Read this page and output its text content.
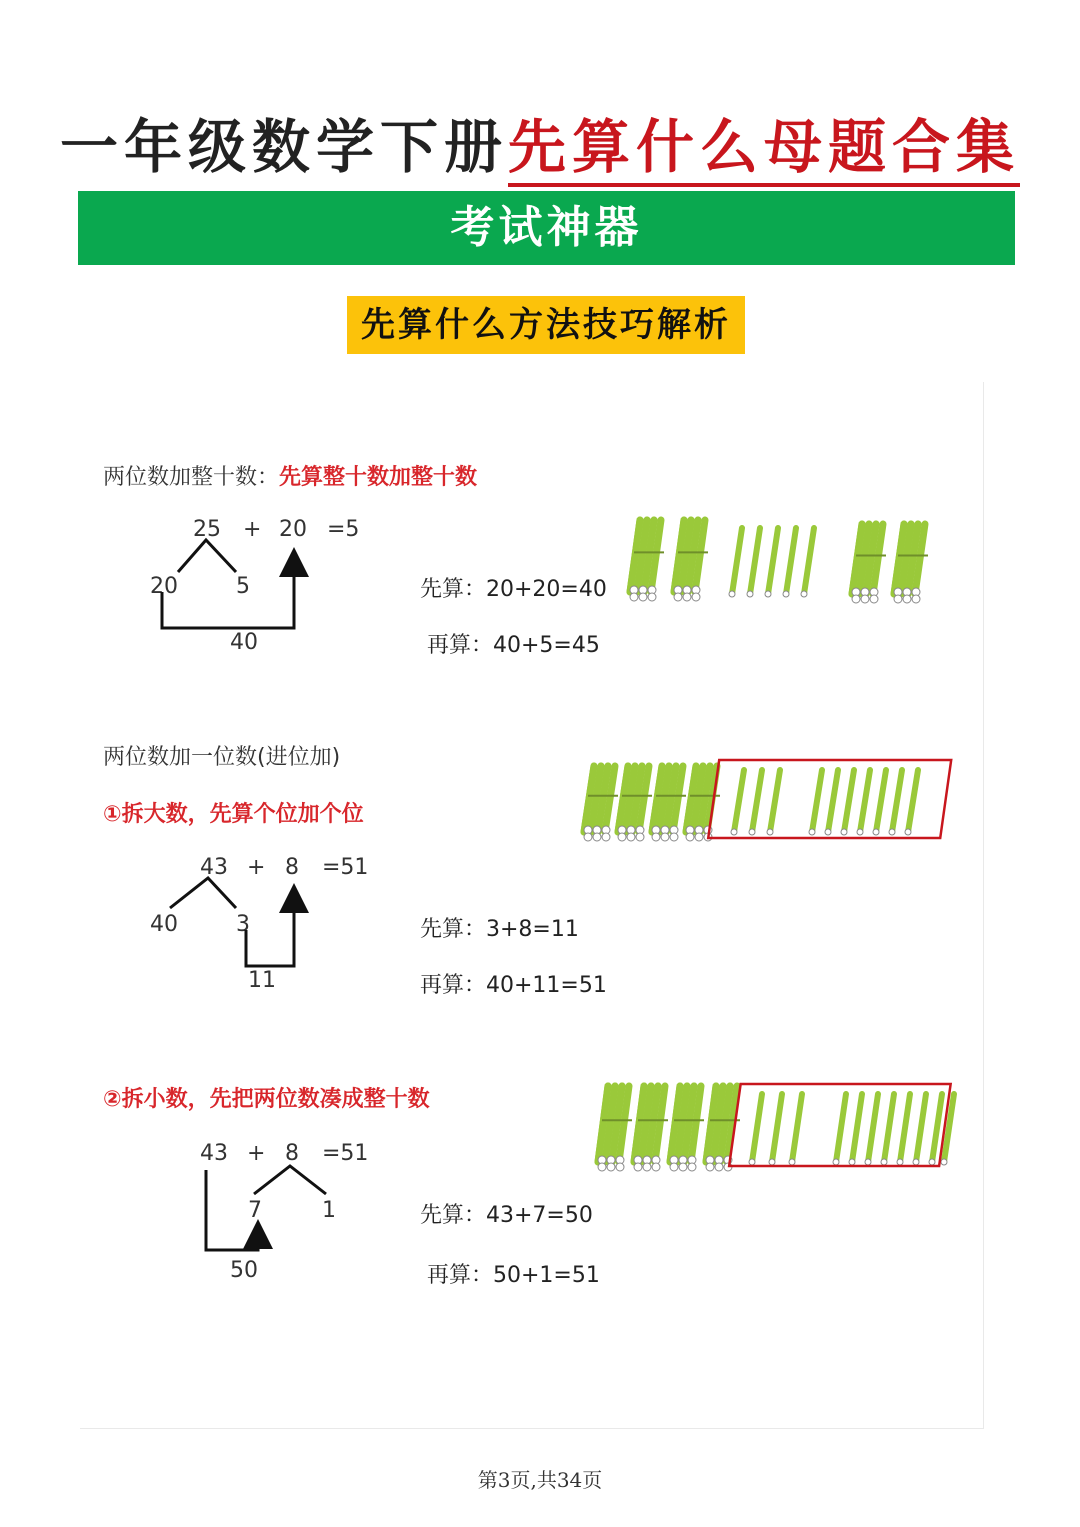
一年级数学下册先算什么母题合集
考试神器
先算什么方法技巧解析
两位数加整十数：先算整十数加整十数
25 + 20 =5
20	5
40
先算：20+20=40
再算：40+5=45
两位数加一位数(进位加)
①拆大数，先算个位加个位
43 + 8 =51
40	3
11
先算：3+8=11
再算：40+11=51
②拆小数，先把两位数凑成整十数
43 + 8 =51
7	1
50
先算：43+7=50
再算：50+1=51
第3页,共34页
